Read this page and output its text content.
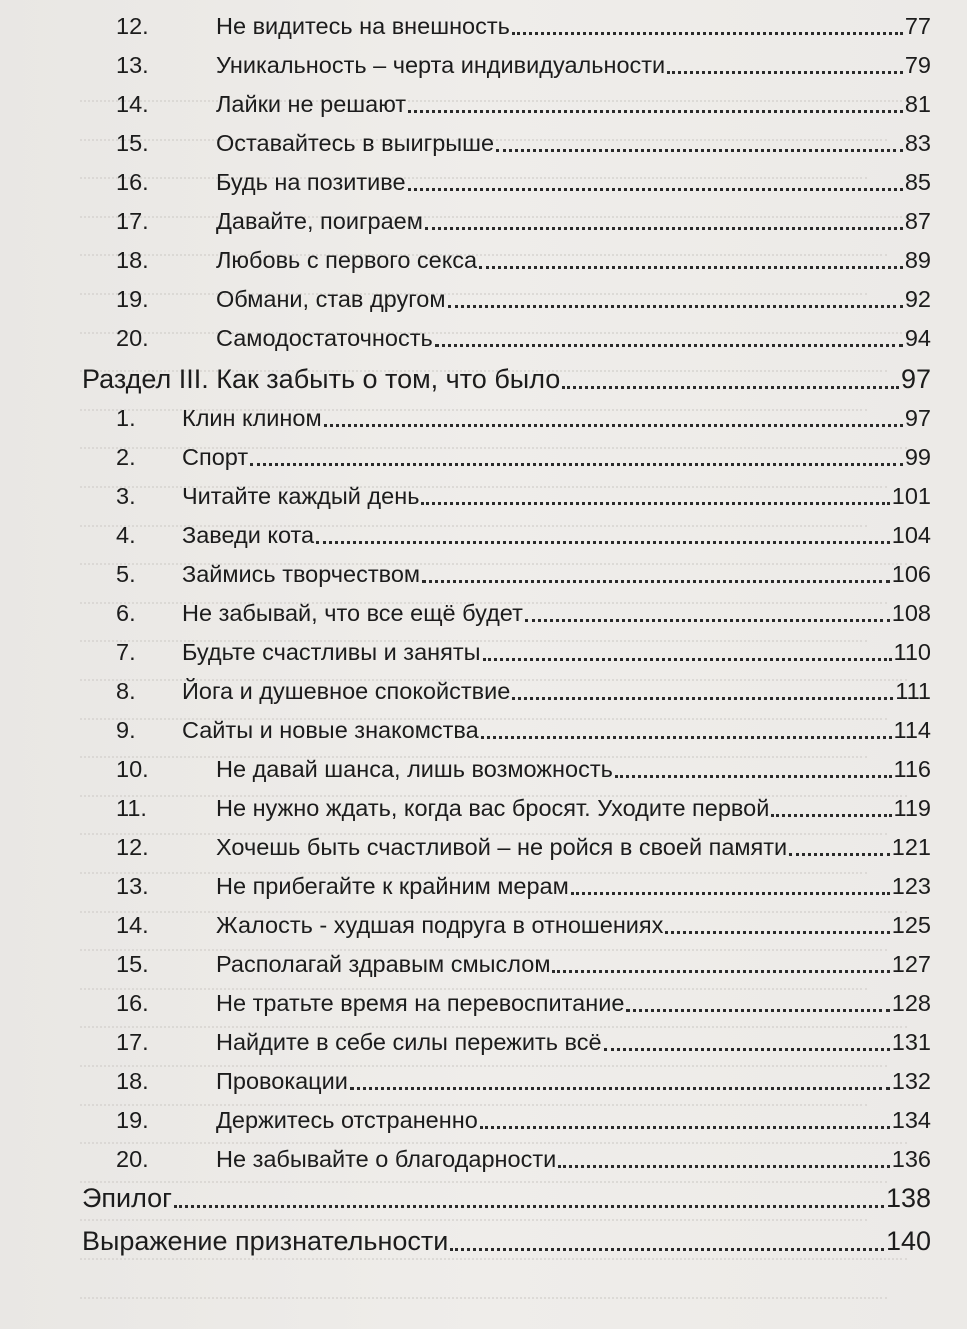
12.	Не видитесь на внешность	77
13.	Уникальность – черта индивидуальности	79
14.	Лайки не решают	81
15.	Оставайтесь в выигрыше	83
16.	Будь на позитиве	85
17.	Давайте, поиграем	87
18.	Любовь с первого секса	89
19.	Обмани, став другом	92
20.	Самодостаточность	94
Раздел III. Как забыть о том, что было	97
1. Клин клином	97
2. Спорт	99
3. Читайте каждый день	101
4. Заведи кота	104
5. Займись творчеством	106
6. Не забывай, что все ещё будет	108
7. Будьте счастливы и заняты	110
8. Йога и душевное спокойствие	111
9. Сайты и новые знакомства	114
10.	Не давай шанса, лишь возможность	116
11.	Не нужно ждать, когда вас бросят. Уходите первой	119
12.	Хочешь быть счастливой – не ройся в своей памяти	121
13.	Не прибегайте к крайним мерам	123
14.	Жалость - худшая подруга в отношениях	125
15.	Располагай здравым смыслом	127
16.	Не тратьте время на перевоспитание	128
17.	Найдите в себе силы пережить всё	131
18.	Провокации	132
19.	Держитесь отстраненно	134
20.	Не забывайте о благодарности	136
Эпилог	138
Выражение признательности	140
